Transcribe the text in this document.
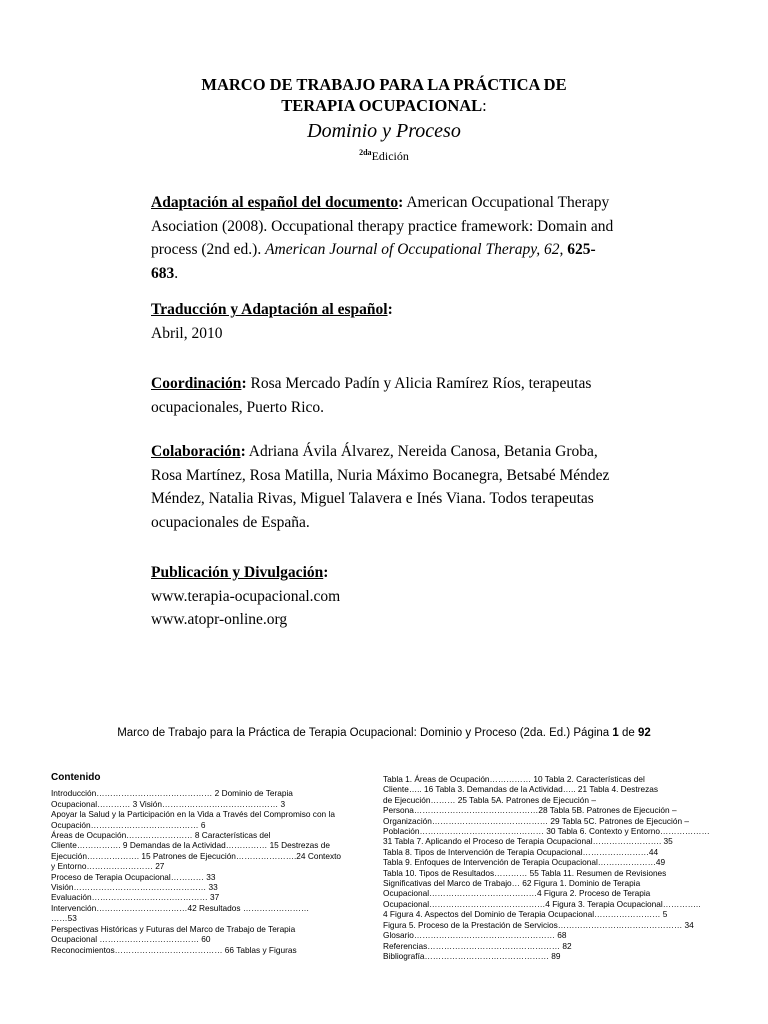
MARCO DE TRABAJO PARA LA PRÁCTICA DE
TERAPIA OCUPACIONAL:
Dominio y Proceso
$^{2da}$Edición
Adaptación al español del documento: American Occupational Therapy Asociation (2008). Occupational therapy practice framework: Domain and process (2nd ed.). American Journal of Occupational Therapy, 62, 625-683.
Traducción y Adaptación al español:
Abril, 2010
Coordinación: Rosa Mercado Padín y Alicia Ramírez Ríos, terapeutas ocupacionales, Puerto Rico.
Colaboración: Adriana Ávila Álvarez, Nereida Canosa, Betania Groba, Rosa Martínez, Rosa Matilla, Nuria Máximo Bocanegra, Betsabé Méndez Méndez, Natalia Rivas, Miguel Talavera e Inés Viana. Todos terapeutas ocupacionales de España.
Publicación y Divulgación:
www.terapia-ocupacional.com
www.atopr-online.org
Marco de Trabajo para la Práctica de Terapia Ocupacional: Dominio y Proceso (2da. Ed.) Página 1 de 92
Contenido
Introducción…………………………………… 2 Dominio de Terapia
Ocupacional………… 3 Visión…………………………………… 3
Apoyar la Salud y la Participación en la Vida a Través del Compromiso con la
Ocupación………………………………… 6
Áreas de Ocupación…………………… 8 Características del
Cliente……………. 9 Demandas de la Actividad…………… 15 Destrezas de
Ejecución………………. 15 Patrones de Ejecución………………….24 Contexto
y Entorno…………………… 27
Proceso de Terapia Ocupacional………… 33
Visión………………………………………… 33
Evaluación…………………………………… 37
Intervención……………………………42 Resultados ……………………
……53
Perspectivas Históricas y Futuras del Marco de Trabajo de Terapia
Ocupacional ……………………………… 60
Reconocimientos………………………………… 66 Tablas y Figuras
Tabla 1. Áreas de Ocupación…………… 10 Tabla 2. Características del
Cliente….. 16 Tabla 3. Demandas de la Actividad….. 21 Tabla 4. Destrezas
de Ejecución……… 25 Tabla 5A. Patrones de Ejecución –
Persona………………………………………28 Tabla 5B. Patrones de Ejecución –
Organización…………………………………… 29 Tabla 5C. Patrones de Ejecución –
Población……………………………………… 30 Tabla 6. Contexto y Entorno………………
31 Tabla 7. Aplicando el Proceso de Terapia Ocupacional……………………. 35
Tabla 8. Tipos de Intervención de Terapia Ocupacional……………………44
Tabla 9. Enfoques de Intervención de Terapia Ocupacional…………………49
Tabla 10. Tipos de Resultados………… 55 Tabla 11. Resumen de Revisiones
Significativas del Marco de Trabajo… 62 Figura 1. Dominio de Terapia
Ocupacional…………………………………4 Figura 2. Proceso de Terapia
Ocupacional……………………………………4 Figura 3. Terapia Ocupacional…………..
4 Figura 4. Aspectos del Dominio de Terapia Ocupacional…………………… 5
Figura 5. Proceso de la Prestación de Servicios……………………………………… 34
Glosario…………………………………………… 68
Referencias………………………………………… 82
Bibliografía……………………………………… 89
